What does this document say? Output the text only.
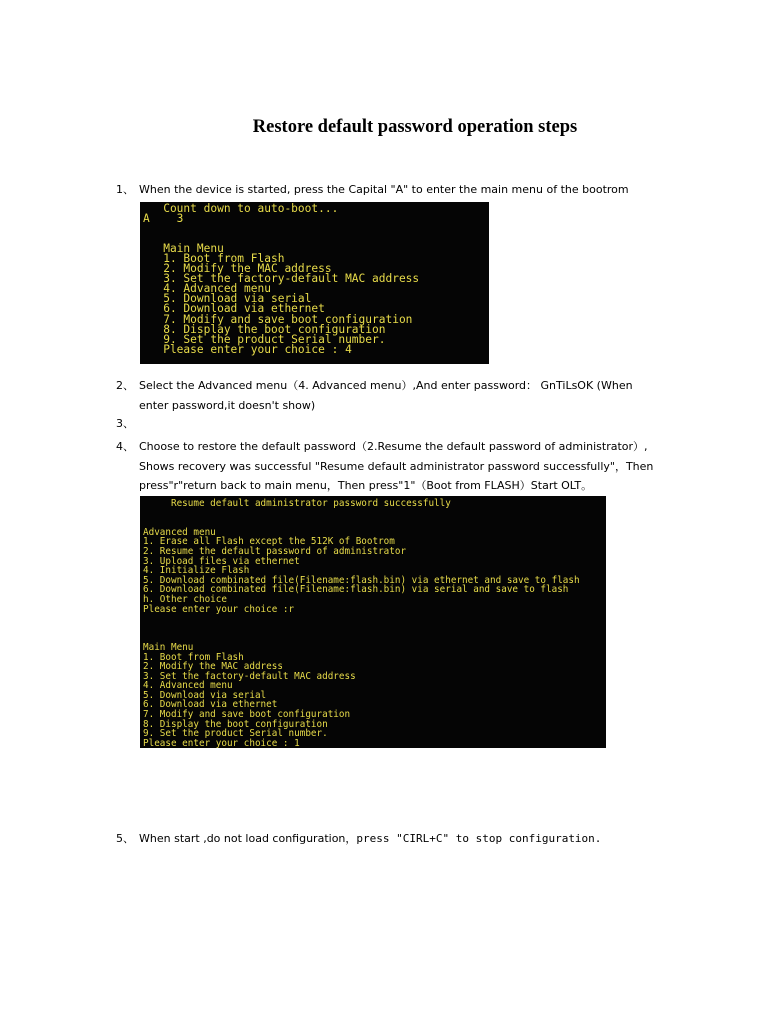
Restore default password operation steps
1、 When the device is started, press the Capital "A" to enter the main menu of the bootrom
Count down to auto-boot...
A    3

Main Menu
1. Boot from Flash
2. Modify the MAC address
3. Set the factory-default MAC address
4. Advanced menu
5. Download via serial
6. Download via ethernet
7. Modify and save boot configuration
8. Display the boot configuration
9. Set the product Serial number.
Please enter your choice : 4
2、 Select the Advanced menu（4. Advanced menu）,And enter password： GnTiLsOK (When
enter password,it doesn't show)
3、
4、 Choose to restore the default password（2.Resume the default password of administrator）,
Shows recovery was successful "Resume default administrator password successfully"，Then
press"r"return back to main menu，Then press"1"（Boot from FLASH）Start OLT。
Resume default administrator password successfully

Advanced menu
1. Erase all Flash except the 512K of Bootrom
2. Resume the default password of administrator
3. Upload files via ethernet
4. Initialize Flash
5. Download combinated file(Filename:flash.bin) via ethernet and save to flash
6. Download combinated file(Filename:flash.bin) via serial and save to flash
h. Other choice
Please enter your choice :r

Main Menu
1. Boot from Flash
2. Modify the MAC address
3. Set the factory-default MAC address
4. Advanced menu
5. Download via serial
6. Download via ethernet
7. Modify and save boot configuration
8. Display the boot configuration
9. Set the product Serial number.
Please enter your choice : 1
5、 When start ,do not load configuration，press "CIRL+C" to stop configuration.
